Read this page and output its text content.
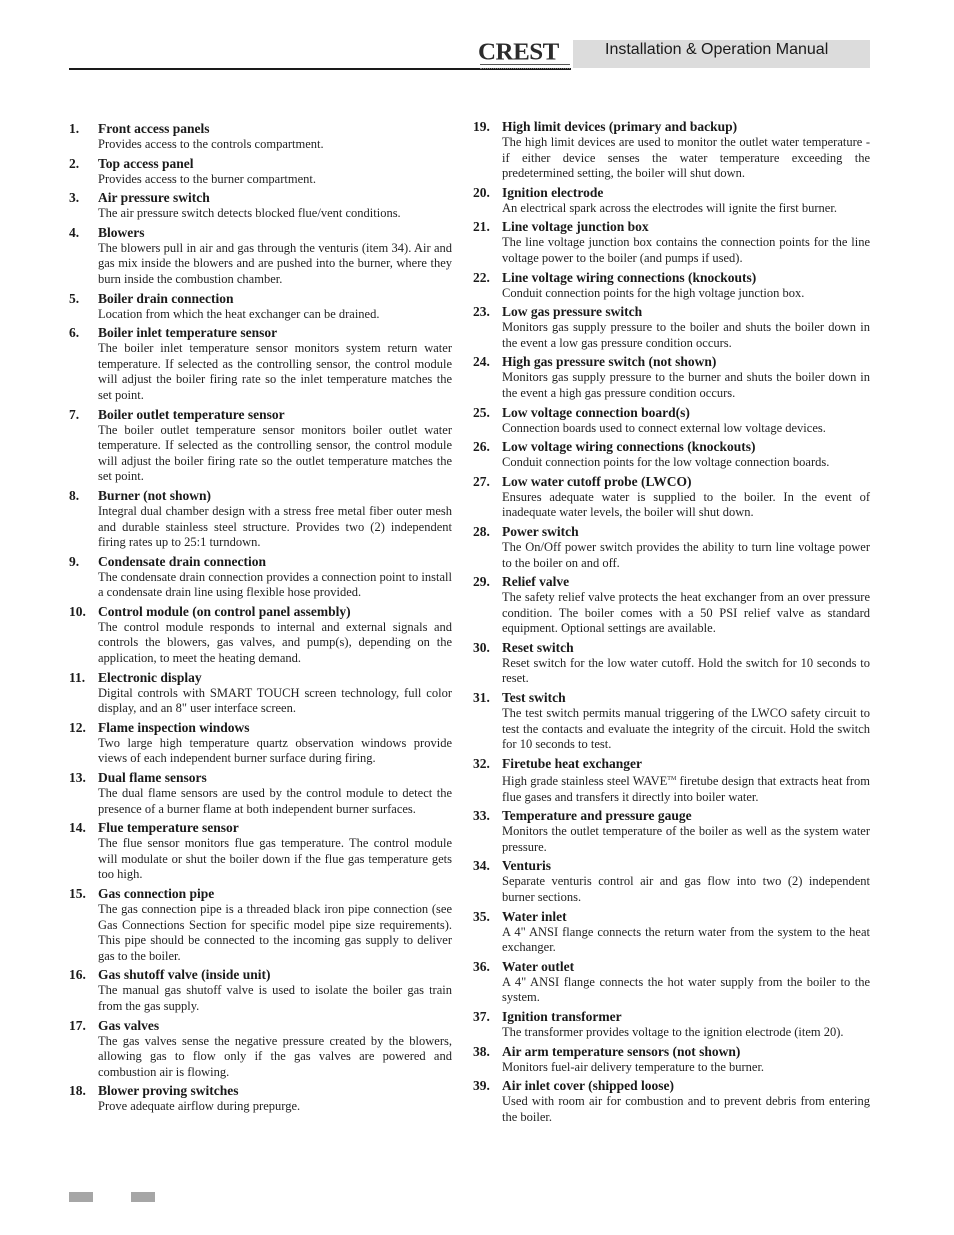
CREST	Installation & Operation Manual
1. Front access panels
Provides access to the controls compartment.
2. Top access panel
Provides access to the burner compartment.
3. Air pressure switch
The air pressure switch detects blocked flue/vent conditions.
4. Blowers
The blowers pull in air and gas through the venturis (item 34). Air and gas mix inside the blowers and are pushed into the burner, where they burn inside the combustion chamber.
5. Boiler drain connection
Location from which the heat exchanger can be drained.
6. Boiler inlet temperature sensor
The boiler inlet temperature sensor monitors system return water temperature. If selected as the controlling sensor, the control module will adjust the boiler firing rate so the inlet temperature matches the set point.
7. Boiler outlet temperature sensor
The boiler outlet temperature sensor monitors boiler outlet water temperature. If selected as the controlling sensor, the control module will adjust the boiler firing rate so the outlet temperature matches the set point.
8. Burner (not shown)
Integral dual chamber design with a stress free metal fiber outer mesh and durable stainless steel structure. Provides two (2) independent firing rates up to 25:1 turndown.
9. Condensate drain connection
The condensate drain connection provides a connection point to install a condensate drain line using flexible hose provided.
10. Control module (on control panel assembly)
The control module responds to internal and external signals and controls the blowers, gas valves, and pump(s), depending on the application, to meet the heating demand.
11. Electronic display
Digital controls with SMART TOUCH screen technology, full color display, and an 8" user interface screen.
12. Flame inspection windows
Two large high temperature quartz observation windows provide views of each independent burner surface during firing.
13. Dual flame sensors
The dual flame sensors are used by the control module to detect the presence of a burner flame at both independent burner surfaces.
14. Flue temperature sensor
The flue sensor monitors flue gas temperature. The control module will modulate or shut the boiler down if the flue gas temperature gets too high.
15. Gas connection pipe
The gas connection pipe is a threaded black iron pipe connection (see Gas Connections Section for specific model pipe size requirements). This pipe should be connected to the incoming gas supply to deliver gas to the boiler.
16. Gas shutoff valve (inside unit)
The manual gas shutoff valve is used to isolate the boiler gas train from the gas supply.
17. Gas valves
The gas valves sense the negative pressure created by the blowers, allowing gas to flow only if the gas valves are powered and combustion air is flowing.
18. Blower proving switches
Prove adequate airflow during prepurge.
19. High limit devices (primary and backup)
The high limit devices are used to monitor the outlet water temperature - if either device senses the water temperature exceeding the predetermined setting, the boiler will shut down.
20. Ignition electrode
An electrical spark across the electrodes will ignite the first burner.
21. Line voltage junction box
The line voltage junction box contains the connection points for the line voltage power to the boiler (and pumps if used).
22. Line voltage wiring connections (knockouts)
Conduit connection points for the high voltage junction box.
23. Low gas pressure switch
Monitors gas supply pressure to the boiler and shuts the boiler down in the event a low gas pressure condition occurs.
24. High gas pressure switch (not shown)
Monitors gas supply pressure to the burner and shuts the boiler down in the event a high gas pressure condition occurs.
25. Low voltage connection board(s)
Connection boards used to connect external low voltage devices.
26. Low voltage wiring connections (knockouts)
Conduit connection points for the low voltage connection boards.
27. Low water cutoff probe (LWCO)
Ensures adequate water is supplied to the boiler. In the event of inadequate water levels, the boiler will shut down.
28. Power switch
The On/Off power switch provides the ability to turn line voltage power to the boiler on and off.
29. Relief valve
The safety relief valve protects the heat exchanger from an over pressure condition. The boiler comes with a 50 PSI relief valve as standard equipment. Optional settings are available.
30. Reset switch
Reset switch for the low water cutoff. Hold the switch for 10 seconds to reset.
31. Test switch
The test switch permits manual triggering of the LWCO safety circuit to test the contacts and evaluate the integrity of the circuit. Hold the switch for 10 seconds to test.
32. Firetube heat exchanger
High grade stainless steel WAVE™ firetube design that extracts heat from flue gases and transfers it directly into boiler water.
33. Temperature and pressure gauge
Monitors the outlet temperature of the boiler as well as the system water pressure.
34. Venturis
Separate venturis control air and gas flow into two (2) independent burner sections.
35. Water inlet
A 4" ANSI flange connects the return water from the system to the heat exchanger.
36. Water outlet
A 4" ANSI flange connects the hot water supply from the boiler to the system.
37. Ignition transformer
The transformer provides voltage to the ignition electrode (item 20).
38. Air arm temperature sensors (not shown)
Monitors fuel-air delivery temperature to the burner.
39. Air inlet cover (shipped loose)
Used with room air for combustion and to prevent debris from entering the boiler.
